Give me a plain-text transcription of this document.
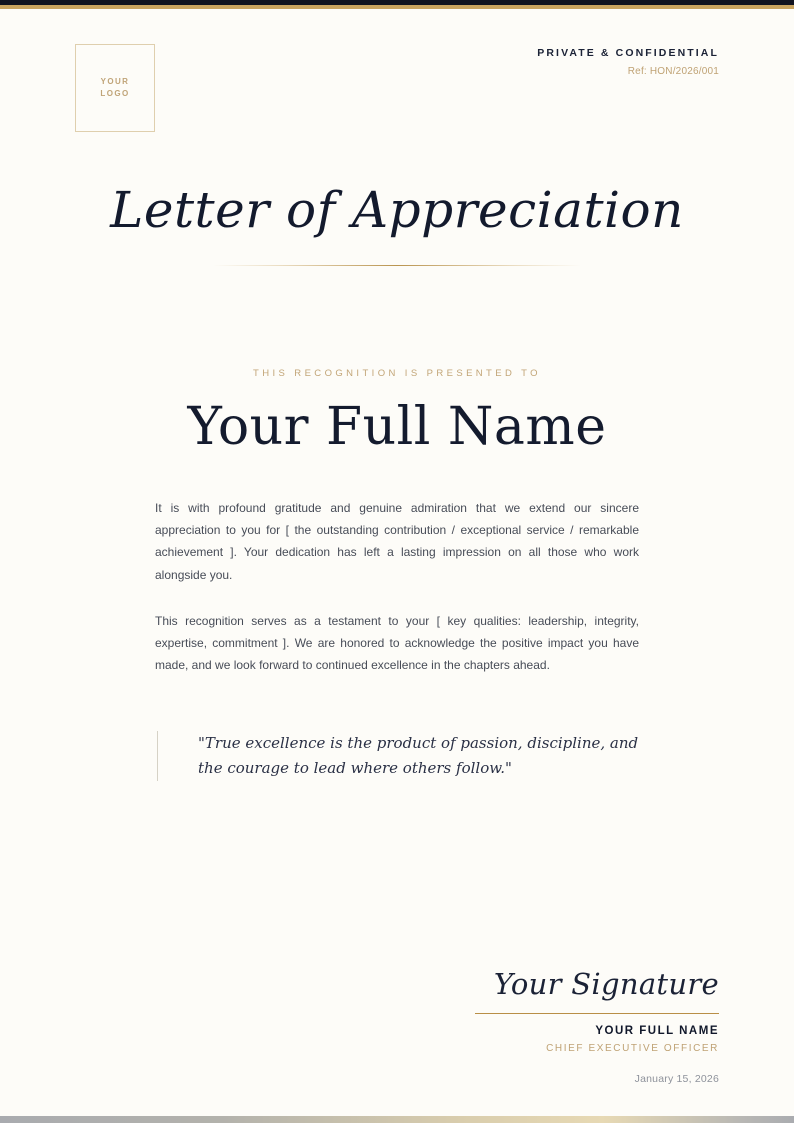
YOUR
LOGO
PRIVATE & CONFIDENTIAL
Ref: HON/2026/001
Letter of Appreciation
THIS RECOGNITION IS PRESENTED TO
Your Full Name

It is with profound gratitude and genuine admiration that we extend our sincere appreciation to you for [ the outstanding contribution / exceptional service / remarkable achievement ]. Your dedication has left a lasting impression on all those who work alongside you.

This recognition serves as a testament to your [ key qualities: leadership, integrity, expertise, commitment ]. We are honored to acknowledge the positive impact you have made, and we look forward to continued excellence in the chapters ahead.

"True excellence is the product of passion, discipline, and the courage to lead where others follow."
Your Signature
YOUR FULL NAME
CHIEF EXECUTIVE OFFICER
January 15, 2026
